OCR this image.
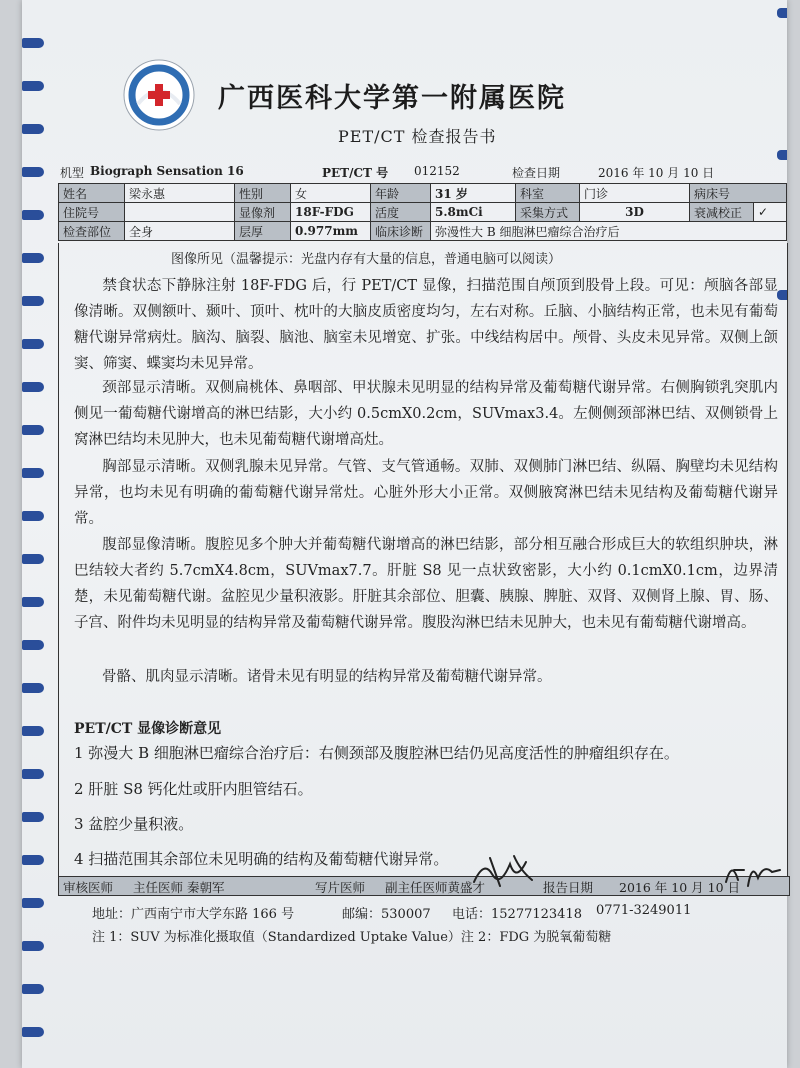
1934
广西医科大学第一附属医院
PET/CT 检查报告书
机型 Biograph Sensation 16	PET/CT 号 012152	检查日期	2016 年 10 月 10 日
姓名	梁永惠	性别	女	年龄	31 岁	科室	门诊	病床号	
住院号		显像剂	18F-FDG	活度	5.8mCi	采集方式	3D	衰减校正	✓
检查部位	全身	层厚	0.977mm	临床诊断	弥漫性大 B 细胞淋巴瘤综合治疗后				
图像所见（温馨提示：光盘内存有大量的信息，普通电脑可以阅读）

禁食状态下静脉注射 18F-FDG 后，行 PET/CT 显像，扫描范围自颅顶到股骨上段。可见：颅脑各部显像清晰。双侧额叶、颞叶、顶叶、枕叶的大脑皮质密度均匀，左右对称。丘脑、小脑结构正常，也未见有葡萄糖代谢异常病灶。脑沟、脑裂、脑池、脑室未见增宽、扩张。中线结构居中。颅骨、头皮未见异常。双侧上颌窦、筛窦、蝶窦均未见异常。

颈部显示清晰。双侧扁桃体、鼻咽部、甲状腺未见明显的结构异常及葡萄糖代谢异常。右侧胸锁乳突肌内侧见一葡萄糖代谢增高的淋巴结影，大小约 0.5cmX0.2cm，SUVmax3.4。左侧侧颈部淋巴结、双侧锁骨上窝淋巴结均未见肿大，也未见葡萄糖代谢增高灶。

胸部显示清晰。双侧乳腺未见异常。气管、支气管通畅。双肺、双侧肺门淋巴结、纵隔、胸壁均未见结构异常，也均未见有明确的葡萄糖代谢异常灶。心脏外形大小正常。双侧腋窝淋巴结未见结构及葡萄糖代谢异常。

腹部显像清晰。腹腔见多个肿大并葡萄糖代谢增高的淋巴结影，部分相互融合形成巨大的软组织肿块，淋巴结较大者约 5.7cmX4.8cm，SUVmax7.7。肝脏 S8 见一点状致密影，大小约 0.1cmX0.1cm，边界清楚，未见葡萄糖代谢。盆腔见少量积液影。肝脏其余部位、胆囊、胰腺、脾脏、双肾、双侧肾上腺、胃、肠、子宫、附件均未见明显的结构异常及葡萄糖代谢异常。腹股沟淋巴结未见肿大，也未见有葡萄糖代谢增高。

骨骼、肌肉显示清晰。诸骨未见有明显的结构异常及葡萄糖代谢异常。

PET/CT 显像诊断意见
1 弥漫大 B 细胞淋巴瘤综合治疗后：右侧颈部及腹腔淋巴结仍见高度活性的肿瘤组织存在。
2 肝脏 S8 钙化灶或肝内胆管结石。
3 盆腔少量积液。
4 扫描范围其余部位未见明确的结构及葡萄糖代谢异常。
审核医师 主任医师 秦朝军	写片医师 副主任医师黄盛才	报告日期 2016 年 10 月 10 日
地址：广西南宁市大学东路 166 号	邮编：530007 电话：15277123418 0771-3249011
注 1：SUV 为标准化摄取值（Standardized Uptake Value）注 2：FDG 为脱氧葡萄糖
